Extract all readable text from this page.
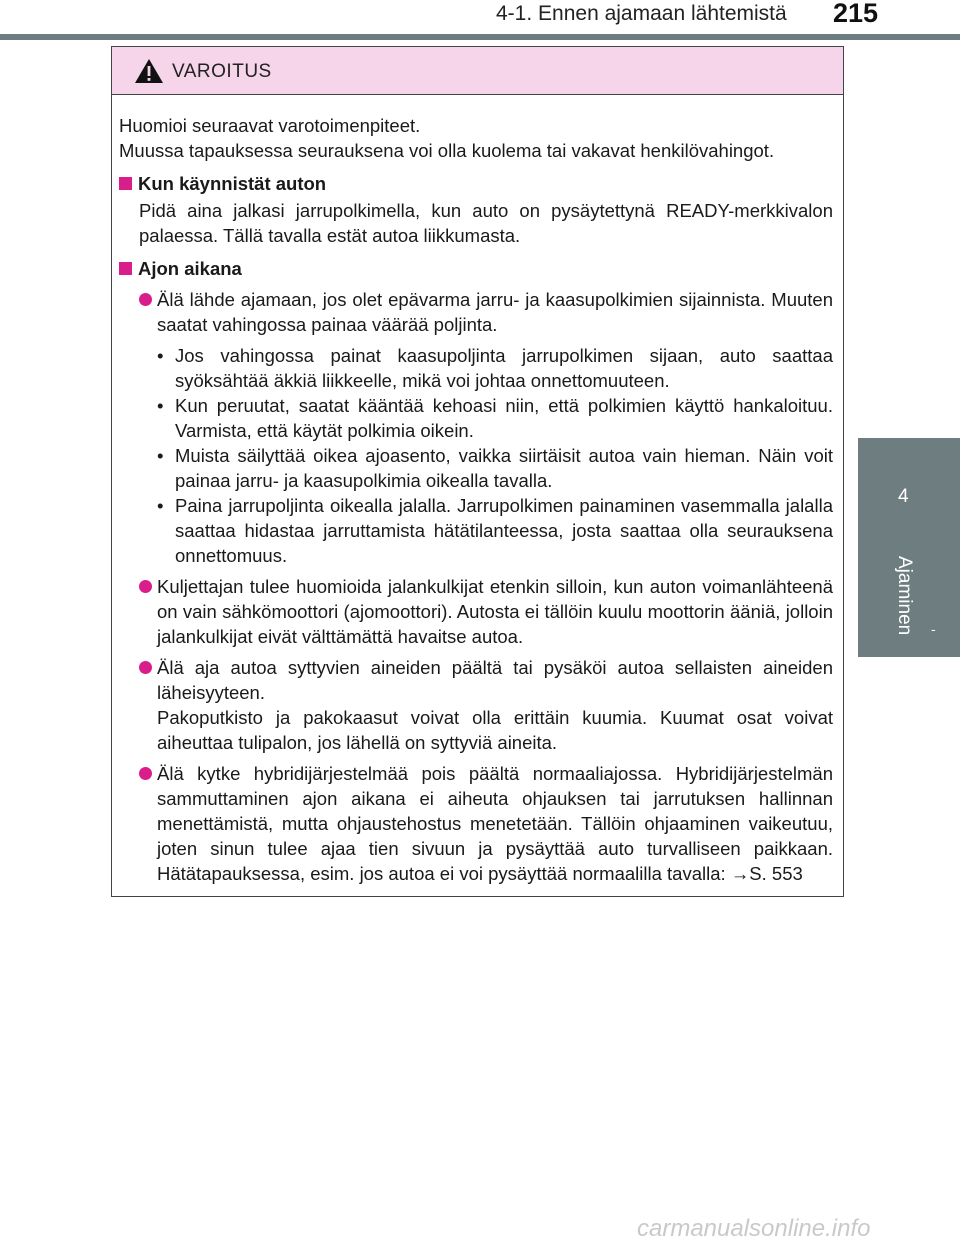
4-1. Ennen ajamaan lähtemistä 215
4
Ajaminen -
VAROITUS

Huomioi seuraavat varotoimenpiteet.

Muussa tapauksessa seurauksena voi olla kuolema tai vakavat henkilövahingot.

Kun käynnistät auton

Pidä aina jalkasi jarrupolkimella, kun auto on pysäytettynä READY-merkkivalon palaessa. Tällä tavalla estät autoa liikkumasta.

Ajon aikana
Älä lähde ajamaan, jos olet epävarma jarru- ja kaasupolkimien sijainnista. Muuten saatat vahingossa painaa väärää poljinta.
• Jos vahingossa painat kaasupoljinta jarrupolkimen sijaan, auto saattaa syöksähtää äkkiä liikkeelle, mikä voi johtaa onnettomuuteen.
• Kun peruutat, saatat kääntää kehoasi niin, että polkimien käyttö hankaloituu. Varmista, että käytät polkimia oikein.
• Muista säilyttää oikea ajoasento, vaikka siirtäisit autoa vain hieman. Näin voit painaa jarru- ja kaasupolkimia oikealla tavalla.
• Paina jarrupoljinta oikealla jalalla. Jarrupolkimen painaminen vasemmalla jalalla saattaa hidastaa jarruttamista hätätilanteessa, josta saattaa olla seurauksena onnettomuus.
Kuljettajan tulee huomioida jalankulkijat etenkin silloin, kun auton voimanlähteenä on vain sähkömoottori (ajomoottori). Autosta ei tällöin kuulu moottorin ääniä, jolloin jalankulkijat eivät välttämättä havaitse autoa.
Älä aja autoa syttyvien aineiden päältä tai pysäköi autoa sellaisten aineiden läheisyyteen.
Pakoputkisto ja pakokaasut voivat olla erittäin kuumia. Kuumat osat voivat aiheuttaa tulipalon, jos lähellä on syttyviä aineita.
Älä kytke hybridijärjestelmää pois päältä normaaliajossa. Hybridijärjestelmän sammuttaminen ajon aikana ei aiheuta ohjauksen tai jarrutuksen hallinnan menettämistä, mutta ohjaustehostus menetetään. Tällöin ohjaaminen vaikeutuu, joten sinun tulee ajaa tien sivuun ja pysäyttää auto turvalliseen paikkaan. Hätätapauksessa, esim. jos autoa ei voi pysäyttää normaalilla tavalla: →S. 553
carmanualsonline.info
